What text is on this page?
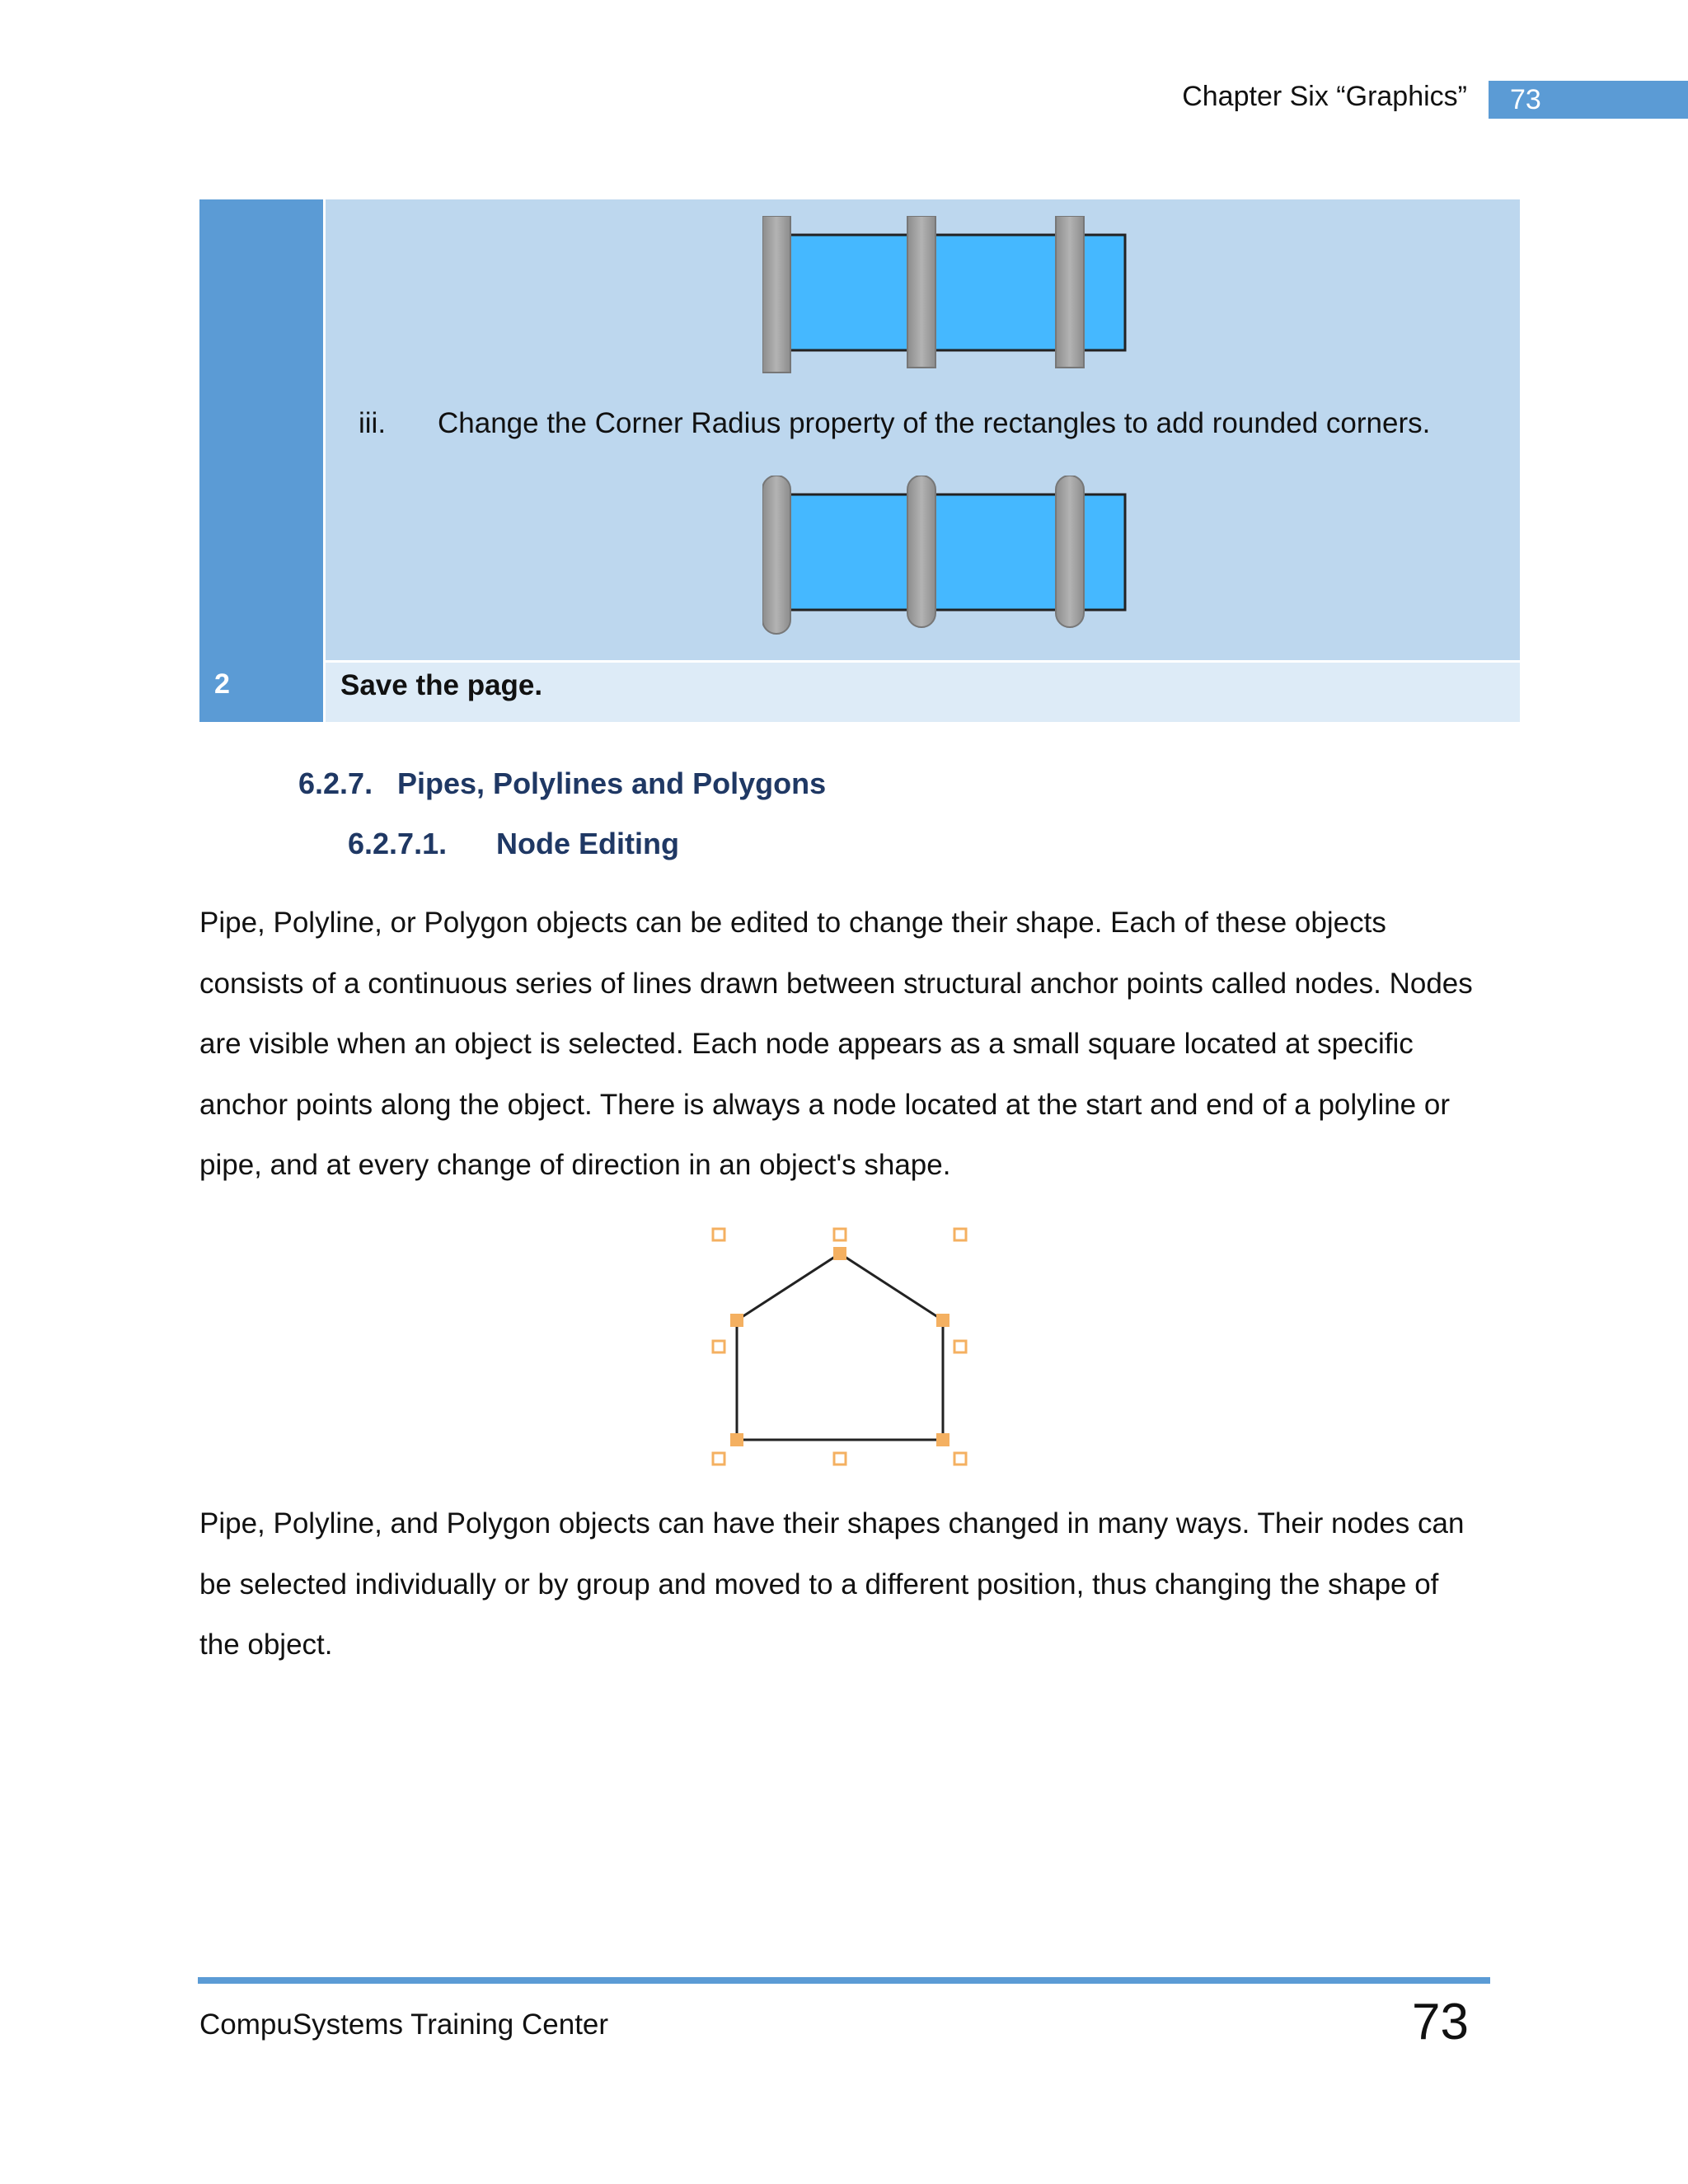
Chapter Six “Graphics”	73
iii. Change the Corner Radius property of the rectangles to add rounded corners.
2	Save the page.
6.2.7. Pipes, Polylines and Polygons
6.2.7.1. Node Editing

Pipe, Polyline, or Polygon objects can be edited to change their shape. Each of these objects consists of a continuous series of lines drawn between structural anchor points called nodes. Nodes are visible when an object is selected. Each node appears as a small square located at specific anchor points along the object. There is always a node located at the start and end of a polyline or pipe, and at every change of direction in an object's shape.

Pipe, Polyline, and Polygon objects can have their shapes changed in many ways. Their nodes can be selected individually or by group and moved to a different position, thus changing the shape of the object.

CompuSystems Training Center	73
